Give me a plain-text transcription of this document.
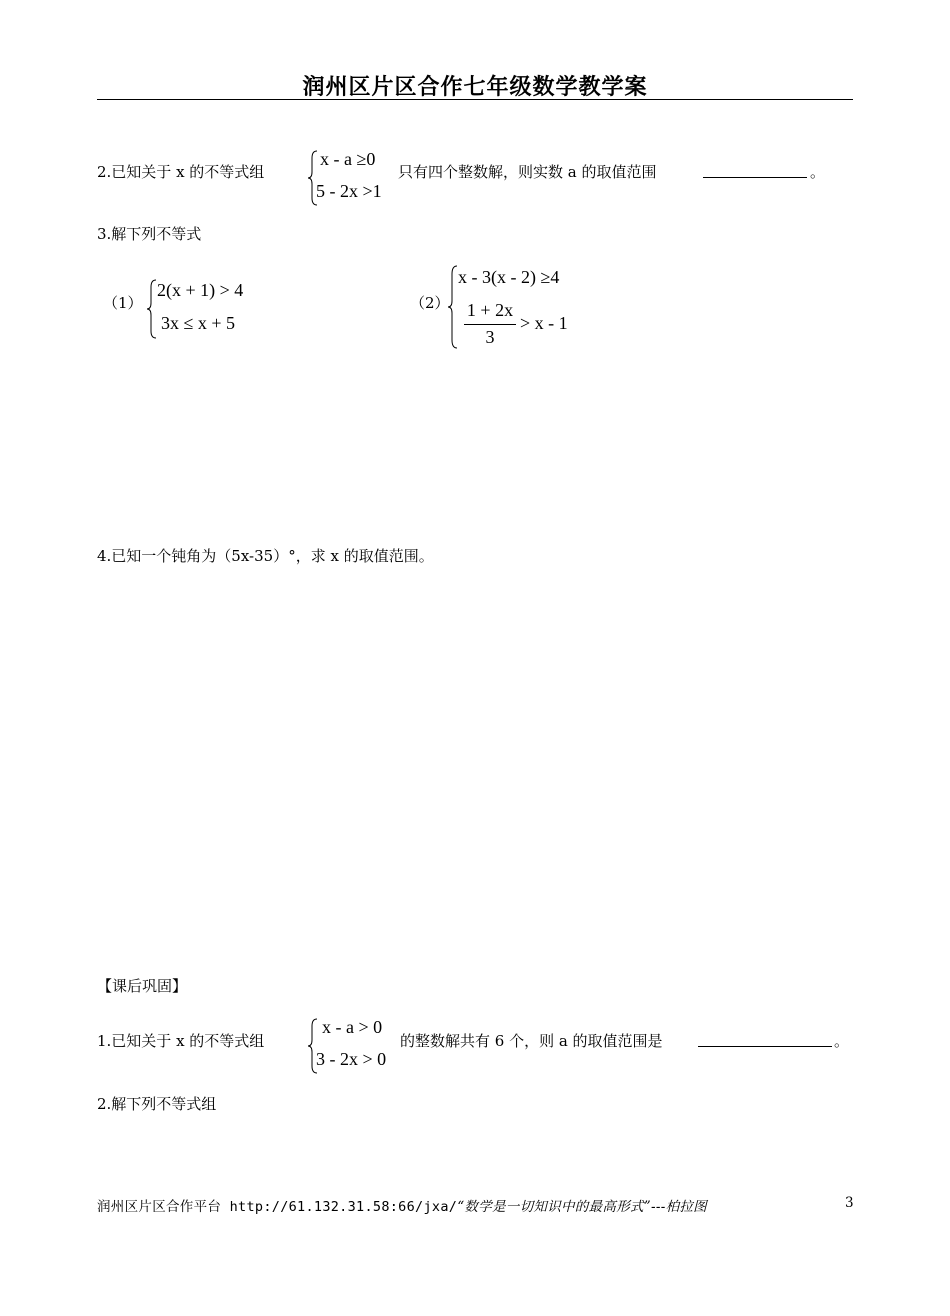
润州区片区合作七年级数学教学案
2.已知关于 x 的不等式组
x - a ≥0
5 - 2x >1
只有四个整数解，则实数 a 的取值范围	。
3.解下列不等式
（1）
2(x + 1) > 4
3x ≤ x + 5
（2）
x - 3(x - 2) ≥4
1 + 2x
3
> x - 1
4.已知一个钝角为（5x-35）°，求 x 的取值范围。
【课后巩固】
1.已知关于 x 的不等式组
x - a > 0
3 - 2x > 0
的整数解共有 6 个，则 a 的取值范围是	。
2.解下列不等式组
润州区片区合作平台 http://61.132.31.58:66/jxa/“数学是一切知识中的最高形式”---柏拉图	3
